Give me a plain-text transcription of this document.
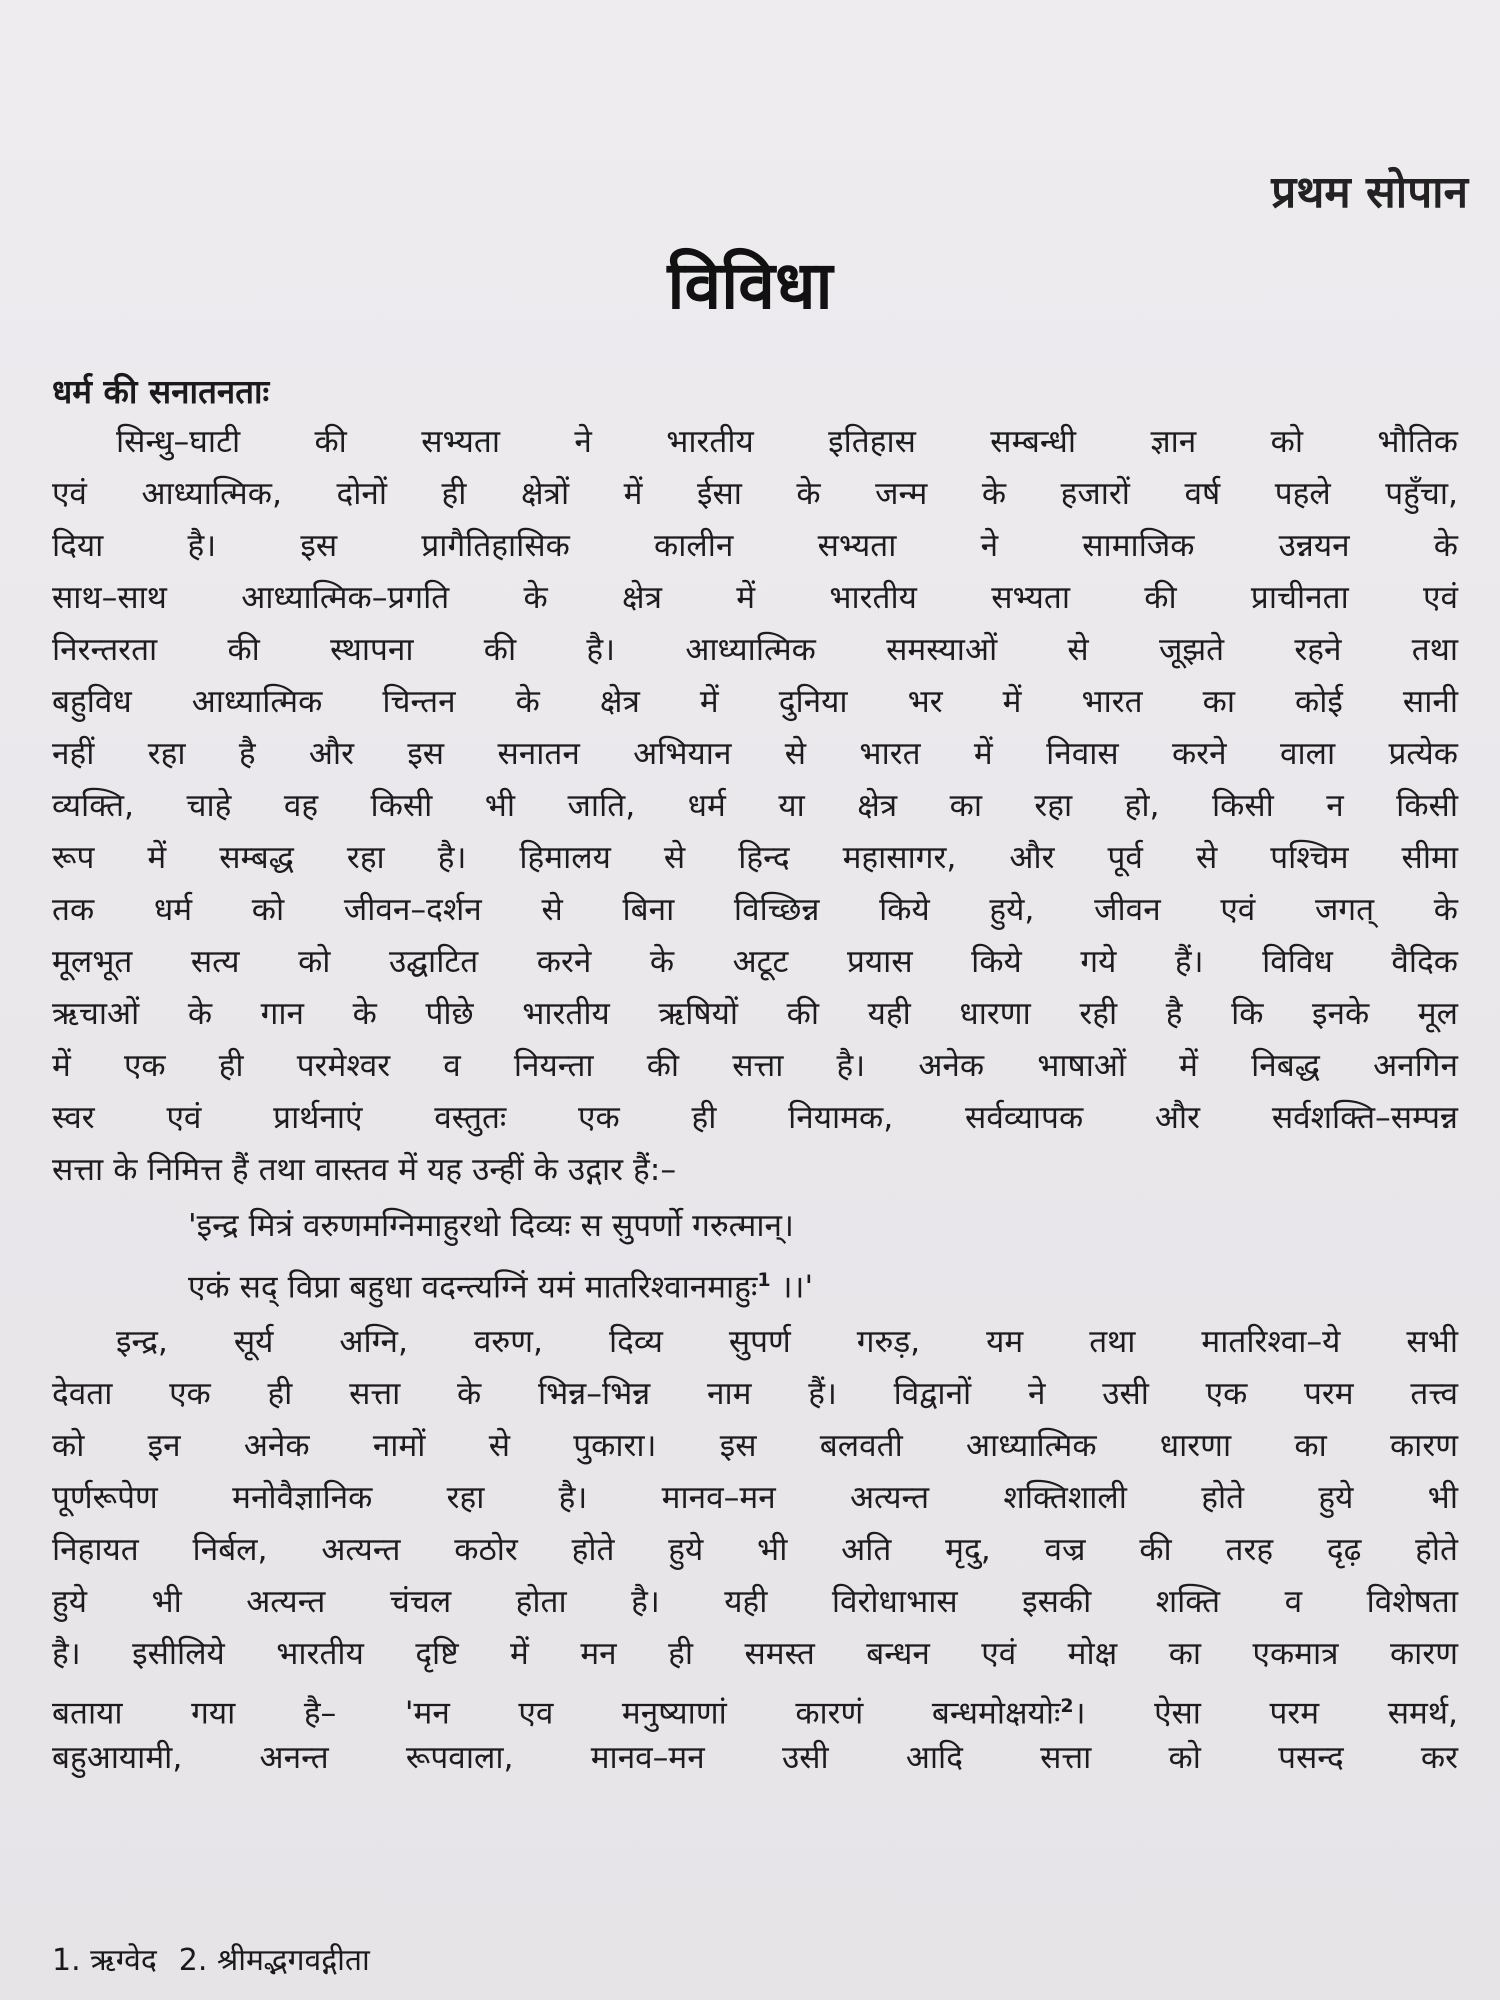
प्रथम सोपान
विविधा
धर्म की सनातनताः
सिन्धु–घाटी की सभ्यता ने भारतीय इतिहास सम्बन्धी ज्ञान को भौतिक
एवं आध्यात्मिक, दोनों ही क्षेत्रों में ईसा के जन्म के हजारों वर्ष पहले पहुँचा,
दिया है। इस प्रागैतिहासिक कालीन सभ्यता ने सामाजिक उन्नयन के
साथ–साथ आध्यात्मिक–प्रगति के क्षेत्र में भारतीय सभ्यता की प्राचीनता एवं
निरन्तरता की स्थापना की है। आध्यात्मिक समस्याओं से जूझते रहने तथा
बहुविध आध्यात्मिक चिन्तन के क्षेत्र में दुनिया भर में भारत का कोई सानी
नहीं रहा है और इस सनातन अभियान से भारत में निवास करने वाला प्रत्येक
व्यक्ति, चाहे वह किसी भी जाति, धर्म या क्षेत्र का रहा हो, किसी न किसी
रूप में सम्बद्ध रहा है। हिमालय से हिन्द महासागर, और पूर्व से पश्चिम सीमा
तक धर्म को जीवन–दर्शन से बिना विच्छिन्न किये हुये, जीवन एवं जगत् के
मूलभूत सत्य को उद्घाटित करने के अटूट प्रयास किये गये हैं। विविध वैदिक
ऋचाओं के गान के पीछे भारतीय ऋषियों की यही धारणा रही है कि इनके मूल
में एक ही परमेश्वर व नियन्ता की सत्ता है। अनेक भाषाओं में निबद्ध अनगिन
स्वर एवं प्रार्थनाएं वस्तुतः एक ही नियामक, सर्वव्यापक और सर्वशक्ति–सम्पन्न
सत्ता के निमित्त हैं तथा वास्तव में यह उन्हीं के उद्गार हैं:–
'इन्द्र मित्रं वरुणमग्निमाहुरथो दिव्यः स सुपर्णो गरुत्मान्।
एकं सद् विप्रा बहुधा वदन्त्यग्निं यमं मातरिश्वानमाहुः$^1$ ।।'
इन्द्र, सूर्य अग्नि, वरुण, दिव्य सुपर्ण गरुड़, यम तथा मातरिश्वा–ये सभी
देवता एक ही सत्ता के भिन्न–भिन्न नाम हैं। विद्वानों ने उसी एक परम तत्त्व
को इन अनेक नामों से पुकारा। इस बलवती आध्यात्मिक धारणा का कारण
पूर्णरूपेण मनोवैज्ञानिक रहा है। मानव–मन अत्यन्त शक्तिशाली होते हुये भी
निहायत निर्बल, अत्यन्त कठोर होते हुये भी अति मृदु, वज्र की तरह दृढ़ होते
हुये भी अत्यन्त चंचल होता है। यही विरोधाभास इसकी शक्ति व विशेषता
है। इसीलिये भारतीय दृष्टि में मन ही समस्त बन्धन एवं मोक्ष का एकमात्र कारण
बताया गया है– 'मन एव मनुष्याणां कारणं बन्धमोक्षयोः$^2$। ऐसा परम समर्थ,
बहुआयामी, अनन्त रूपवाला, मानव–मन उसी आदि सत्ता को पसन्द कर
1. ऋग्वेद 2. श्रीमद्भगवद्गीता
